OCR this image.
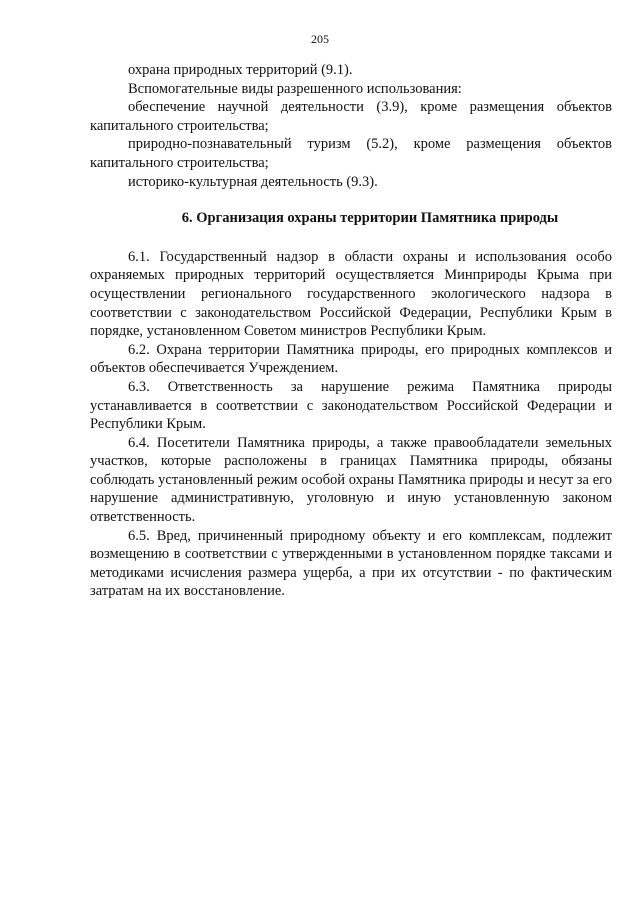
205

охрана природных территорий (9.1).

Вспомогательные виды разрешенного использования:

обеспечение научной деятельности (3.9), кроме размещения объектов капитального строительства;

природно-познавательный туризм (5.2), кроме размещения объектов капитального строительства;

историко-культурная деятельность (9.3).

6. Организация охраны территории Памятника природы

6.1. Государственный надзор в области охраны и использования особо охраняемых природных территорий осуществляется Минприроды Крыма при осуществлении регионального государственного экологического надзора в соответствии с законодательством Российской Федерации, Республики Крым в порядке, установленном Советом министров Республики Крым.

6.2. Охрана территории Памятника природы, его природных комплексов и объектов обеспечивается Учреждением.

6.3. Ответственность за нарушение режима Памятника природы устанавливается в соответствии с законодательством Российской Федерации и Республики Крым.

6.4. Посетители Памятника природы, а также правообладатели земельных участков, которые расположены в границах Памятника природы, обязаны соблюдать установленный режим особой охраны Памятника природы и несут за его нарушение административную, уголовную и иную установленную законом ответственность.

6.5. Вред, причиненный природному объекту и его комплексам, подлежит возмещению в соответствии с утвержденными в установленном порядке таксами и методиками исчисления размера ущерба, а при их отсутствии - по фактическим затратам на их восстановление.
